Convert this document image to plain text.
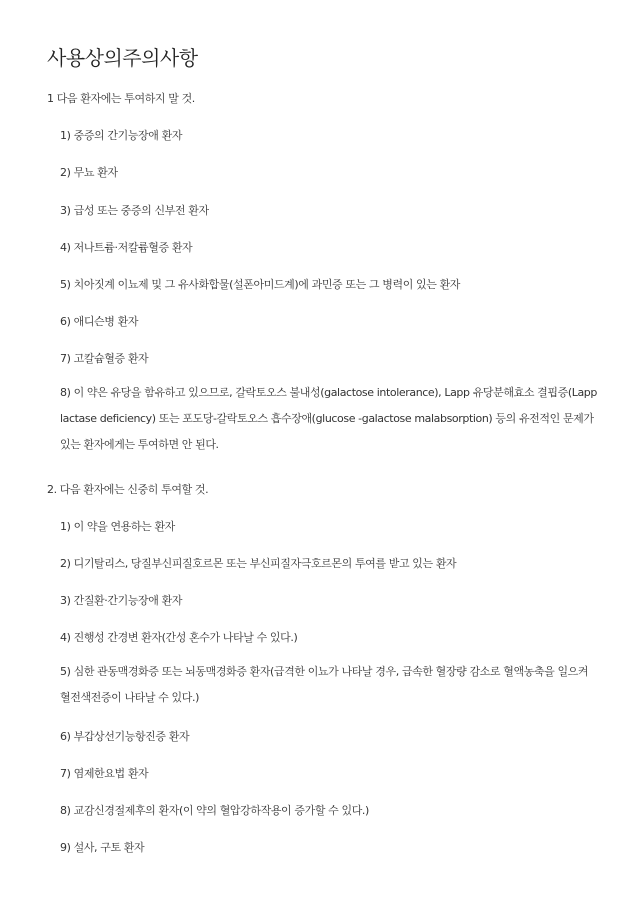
사용상의주의사항

1 다음 환자에는 투여하지 말 것.

1) 중증의 간기능장애 환자
2) 무뇨 환자
3) 급성 또는 중증의 신부전 환자
4) 저나트륨·저칼륨혈증 환자
5) 치아짓계 이뇨제 및 그 유사화합물(설폰아미드계)에 과민증 또는 그 병력이 있는 환자
6) 애디슨병 환자
7) 고칼슘혈증 환자
8) 이 약은 유당을 함유하고 있으므로, 갈락토오스 불내성(galactose intolerance), Lapp 유당분해효소 결핍증(Lapp lactase deficiency) 또는 포도당-갈락토오스 흡수장애(glucose -galactose malabsorption) 등의 유전적인 문제가 있는 환자에게는 투여하면 안 된다.

2. 다음 환자에는 신중히 투여할 것.

1) 이 약을 연용하는 환자
2) 디기탈리스, 당질부신피질호르몬 또는 부신피질자극호르몬의 투여를 받고 있는 환자
3) 간질환·간기능장애 환자
4) 진행성 간경변 환자(간성 혼수가 나타날 수 있다.)
5) 심한 관동맥경화증 또는 뇌동맥경화증 환자(급격한 이뇨가 나타날 경우, 급속한 혈장량 감소로 혈액농축을 일으켜 혈전색전증이 나타날 수 있다.)
6) 부갑상선기능항진증 환자
7) 염제한요법 환자
8) 교감신경절제후의 환자(이 약의 혈압강하작용이 증가할 수 있다.)
9) 설사, 구토 환자
